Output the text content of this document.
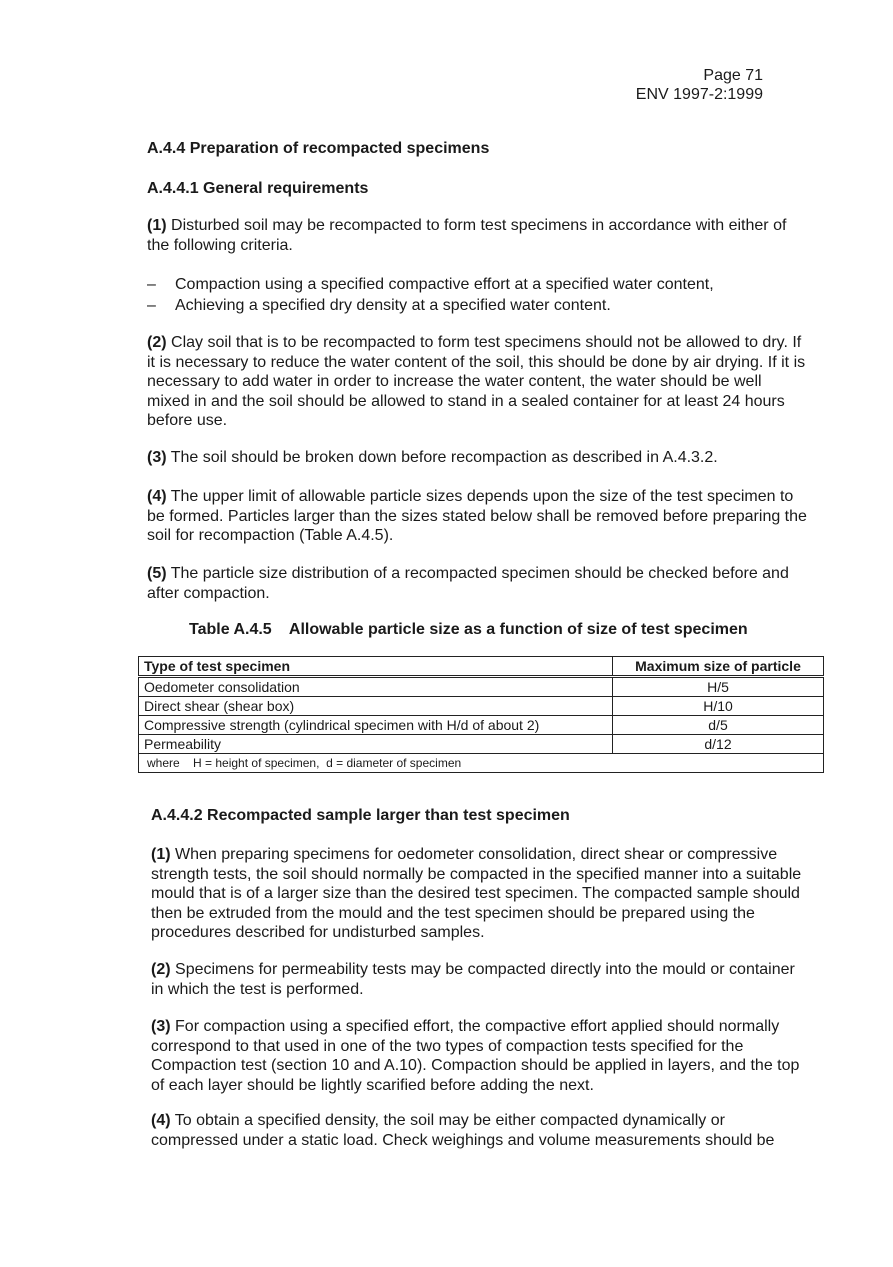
Page 71
ENV 1997-2:1999
A.4.4 Preparation of recompacted specimens
A.4.4.1 General requirements
(1) Disturbed soil may be recompacted to form test specimens in accordance with either of the following criteria.
– Compaction using a specified compactive effort at a specified water content,
– Achieving a specified dry density at a specified water content.
(2) Clay soil that is to be recompacted to form test specimens should not be allowed to dry. If it is necessary to reduce the water content of the soil, this should be done by air drying. If it is necessary to add water in order to increase the water content, the water should be well mixed in and the soil should be allowed to stand in a sealed container for at least 24 hours before use.
(3) The soil should be broken down before recompaction as described in A.4.3.2.
(4) The upper limit of allowable particle sizes depends upon the size of the test specimen to be formed. Particles larger than the sizes stated below shall be removed before preparing the soil for recompaction (Table A.4.5).
(5) The particle size distribution of a recompacted specimen should be checked before and after compaction.
Table A.4.5    Allowable particle size as a function of size of test specimen
Type of test specimen	Maximum size of particle
Oedometer consolidation	H/5
Direct shear (shear box)	H/10
Compressive strength (cylindrical specimen with H/d of about 2)	d/5
Permeability	d/12
where    H = height of specimen,  d = diameter of specimen	
A.4.4.2 Recompacted sample larger than test specimen
(1) When preparing specimens for oedometer consolidation, direct shear or compressive strength tests, the soil should normally be compacted in the specified manner into a suitable mould that is of a larger size than the desired test specimen. The compacted sample should then be extruded from the mould and the test specimen should be prepared using the procedures described for undisturbed samples.
(2) Specimens for permeability tests may be compacted directly into the mould or container in which the test is performed.
(3) For compaction using a specified effort, the compactive effort applied should normally correspond to that used in one of the two types of compaction tests specified for the Compaction test (section 10 and A.10). Compaction should be applied in layers, and the top of each layer should be lightly scarified before adding the next.
(4) To obtain a specified density, the soil may be either compacted dynamically or compressed under a static load. Check weighings and volume measurements should be
